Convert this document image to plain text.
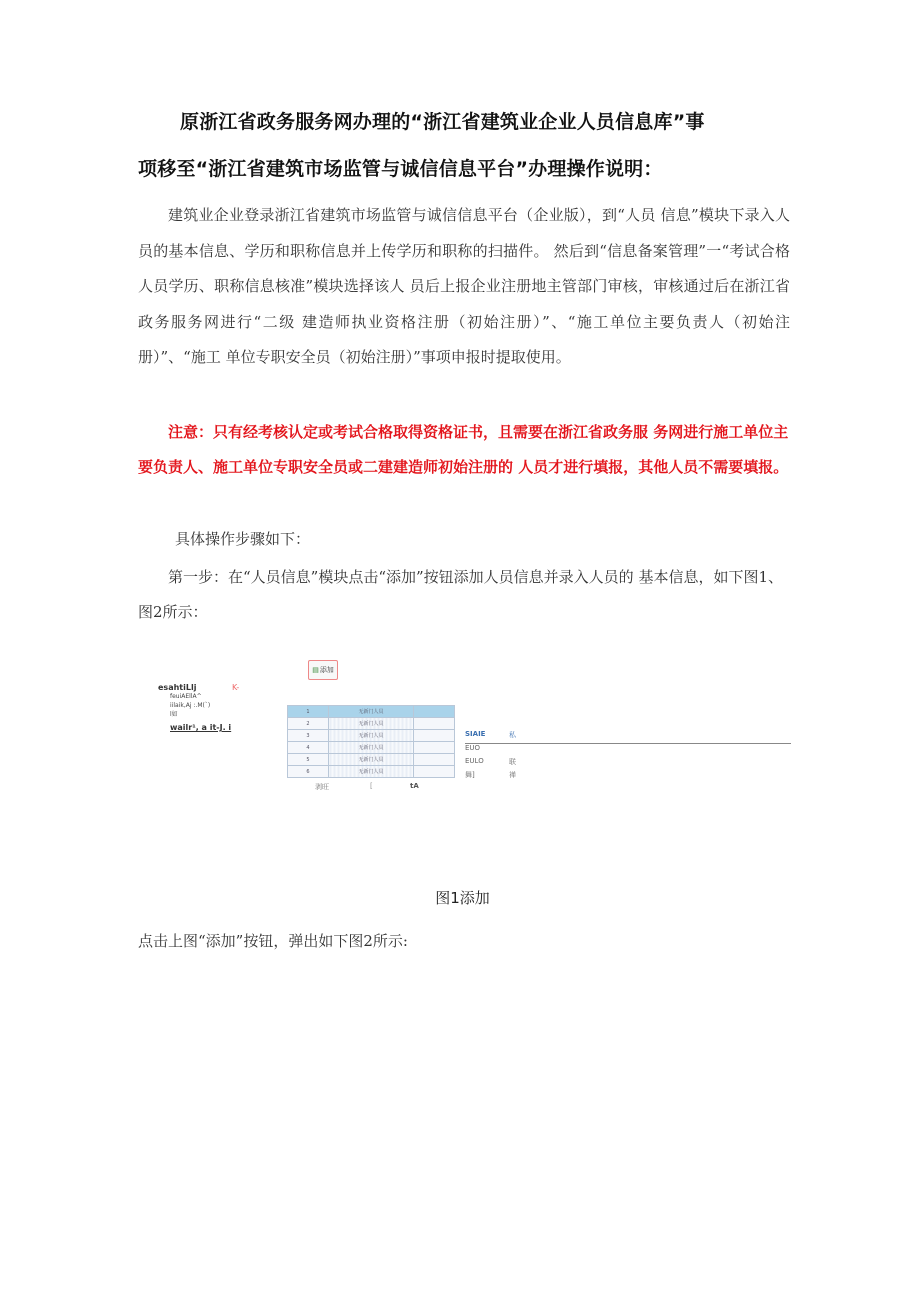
原浙江省政务服务网办理的“浙江省建筑业企业人员信息库”事
项移至“浙江省建筑市场监管与诚信信息平台”办理操作说明：
建筑业企业登录浙江省建筑市场监管与诚信信息平台（企业版），到“人员 信息”模块下录入人员的基本信息、学历和职称信息并上传学历和职称的扫描件。 然后到“信息备案管理”一“考试合格人员学历、职称信息核准”模块选择该人 员后上报企业注册地主管部门审核，审核通过后在浙江省政务服务网进行“二级 建造师执业资格注册（初始注册）”、“施工单位主要负责人（初始注册）”、“施工 单位专职安全员（初始注册）”事项申报时提取使用。
注意：只有经考核认定或考试合格取得资格证书，且需要在浙江省政务服 务网进行施工单位主要负责人、施工单位专职安全员或二建建造师初始注册的 人员才进行填报，其他人员不需要填报。
具体操作步骤如下：
第一步：在“人员信息”模块点击“添加”按钮添加人员信息并录入人员的 基本信息，如下图1、图2所示：
▤ 添加
K-
esahtiLlj
feuiAEllA^
iilaik,Aj :.M(`)
l如
wailr¹, a it-J. i
1	无新门人员	
2	无新门人员	
3	无新门人员	
4	无新门人员	
5	无新门人员	
6	无新门人员	
剥旺	[	tA
SIAIE	私
EUO
EULO	联
舞]	禅
图1添加
点击上图“添加”按钮，弹出如下图2所示:
